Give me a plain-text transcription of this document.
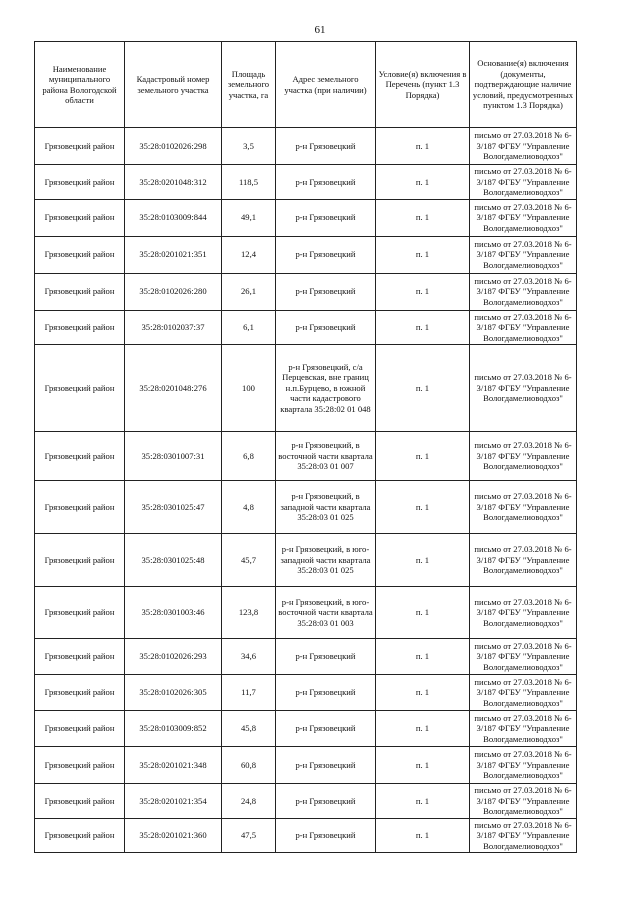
61
Наименование муниципального района Вологодской области	Кадастровый номер земельного участка	Площадь земельного участка, га	Адрес земельного участка (при наличии)	Условие(я) включения в Перечень (пункт 1.3 Порядка)	Основание(я) включения (документы, подтверждающие наличие условий, предусмотренных пунктом 1.3 Порядка)
Грязовецкий район	35:28:0102026:298	3,5	р-н Грязовецкий	п. 1	письмо от 27.03.2018 № 6-3/187 ФГБУ "Управление Вологдамелиоводхоз"
Грязовецкий район	35:28:0201048:312	118,5	р-н Грязовецкий	п. 1	письмо от 27.03.2018 № 6-3/187 ФГБУ "Управление Вологдамелиоводхоз"
Грязовецкий район	35:28:0103009:844	49,1	р-н Грязовецкий	п. 1	письмо от 27.03.2018 № 6-3/187 ФГБУ "Управление Вологдамелиоводхоз"
Грязовецкий район	35:28:0201021:351	12,4	р-н Грязовецкий	п. 1	письмо от 27.03.2018 № 6-3/187 ФГБУ "Управление Вологдамелиоводхоз"
Грязовецкий район	35:28:0102026:280	26,1	р-н Грязовецкий	п. 1	письмо от 27.03.2018 № 6-3/187 ФГБУ "Управление Вологдамелиоводхоз"
Грязовецкий район	35:28:0102037:37	6,1	р-н Грязовецкий	п. 1	письмо от 27.03.2018 № 6-3/187 ФГБУ "Управление Вологдамелиоводхоз"
Грязовецкий район	35:28:0201048:276	100	р-н Грязовецкий, с/а Перцевская, вне границ н.п.Бурцево, в южной части кадастрового квартала 35:28:02 01 048	п. 1	письмо от 27.03.2018 № 6-3/187 ФГБУ "Управление Вологдамелиоводхоз"
Грязовецкий район	35:28:0301007:31	6,8	р-н Грязовецкий, в восточной части квартала 35:28:03 01 007	п. 1	письмо от 27.03.2018 № 6-3/187 ФГБУ "Управление Вологдамелиоводхоз"
Грязовецкий район	35:28:0301025:47	4,8	р-н Грязовецкий, в западной части квартала 35:28:03 01 025	п. 1	письмо от 27.03.2018 № 6-3/187 ФГБУ "Управление Вологдамелиоводхоз"
Грязовецкий район	35:28:0301025:48	45,7	р-н Грязовецкий, в юго-западной части квартала 35:28:03 01 025	п. 1	письмо от 27.03.2018 № 6-3/187 ФГБУ "Управление Вологдамелиоводхоз"
Грязовецкий район	35:28:0301003:46	123,8	р-н Грязовецкий, в юго-восточной части квартала 35:28:03 01 003	п. 1	письмо от 27.03.2018 № 6-3/187 ФГБУ "Управление Вологдамелиоводхоз"
Грязовецкий район	35:28:0102026:293	34,6	р-н Грязовецкий	п. 1	письмо от 27.03.2018 № 6-3/187 ФГБУ "Управление Вологдамелиоводхоз"
Грязовецкий район	35:28:0102026:305	11,7	р-н Грязовецкий	п. 1	письмо от 27.03.2018 № 6-3/187 ФГБУ "Управление Вологдамелиоводхоз"
Грязовецкий район	35:28:0103009:852	45,8	р-н Грязовецкий	п. 1	письмо от 27.03.2018 № 6-3/187 ФГБУ "Управление Вологдамелиоводхоз"
Грязовецкий район	35:28:0201021:348	60,8	р-н Грязовецкий	п. 1	письмо от 27.03.2018 № 6-3/187 ФГБУ "Управление Вологдамелиоводхоз"
Грязовецкий район	35:28:0201021:354	24,8	р-н Грязовецкий	п. 1	письмо от 27.03.2018 № 6-3/187 ФГБУ "Управление Вологдамелиоводхоз"
Грязовецкий район	35:28:0201021:360	47,5	р-н Грязовецкий	п. 1	письмо от 27.03.2018 № 6-3/187 ФГБУ "Управление Вологдамелиоводхоз"
